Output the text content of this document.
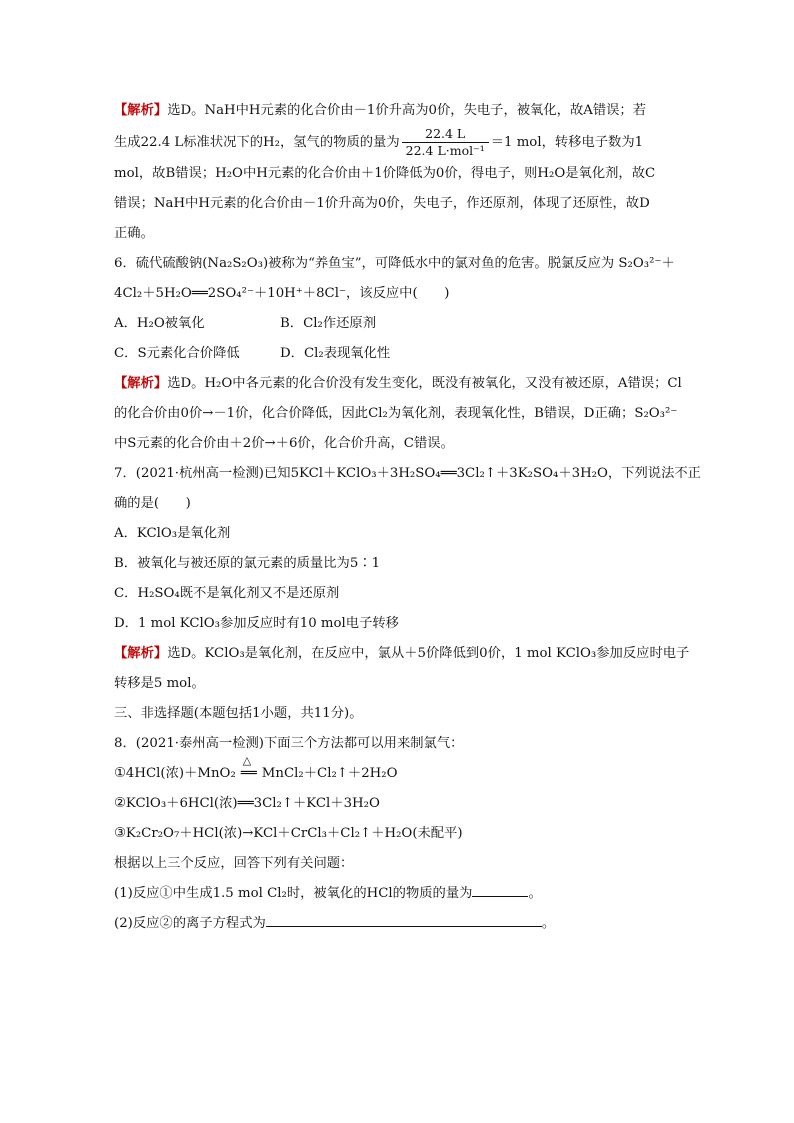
【解析】选D。NaH中H元素的化合价由－1价升高为0价，失电子，被氧化，故A错误；若

生成22.4 L标准状况下的H₂，氢气的物质的量为 $\frac{22.4 L}{\text{22.4 L·mol⁻¹}} =1$ mol，转移电子数为1

mol，故B错误；H₂O中H元素的化合价由＋1价降低为0价，得电子，则H₂O是氧化剂，故C

错误；NaH中H元素的化合价由－1价升高为0价，失电子，作还原剂，体现了还原性，故D

正确。

6．硫代硫酸钠(Na₂S₂O₃)被称为“养鱼宝”，可降低水中的氯对鱼的危害。脱氯反应为 S₂O₃²⁻＋

4Cl₂＋5H₂O══2SO₄²⁻＋10H⁺＋8Cl⁻，该反应中(　　)

A．H₂O被氧化	B．Cl₂作还原剂

C．S元素化合价降低	D．Cl₂表现氧化性

【解析】选D。H₂O中各元素的化合价没有发生变化，既没有被氧化，又没有被还原，A错误；Cl

的化合价由0价→－1价，化合价降低，因此Cl₂为氧化剂，表现氧化性，B错误，D正确；S₂O₃²⁻

中S元素的化合价由＋2价→＋6价，化合价升高，C错误。

7．(2021·杭州高一检测)已知5KCl＋KClO₃＋3H₂SO₄══3Cl₂↑＋3K₂SO₄＋3H₂O，下列说法不正

确的是(　　)

A．KClO₃是氧化剂

B．被氧化与被还原的氯元素的质量比为5∶1

C．H₂SO₄既不是氧化剂又不是还原剂

D．1 mol KClO₃参加反应时有10 mol电子转移

【解析】选D。KClO₃是氧化剂，在反应中，氯从＋5价降低到0价，1 mol KClO₃参加反应时电子

转移是5 mol。

三、非选择题(本题包括1小题，共11分)。

8．(2021·泰州高一检测)下面三个方法都可以用来制氯气：

①4HCl(浓)＋MnO₂
△
══ MnCl₂＋Cl₂↑＋2H₂O

②KClO₃＋6HCl(浓)══3Cl₂↑＋KCl＋3H₂O

③K₂Cr₂O₇＋HCl(浓)→KCl＋CrCl₃＋Cl₂↑＋H₂O(未配平)

根据以上三个反应，回答下列有关问题：

(1)反应①中生成1.5 mol Cl₂时，被氧化的HCl的物质的量为	。

(2)反应②的离子方程式为	。
